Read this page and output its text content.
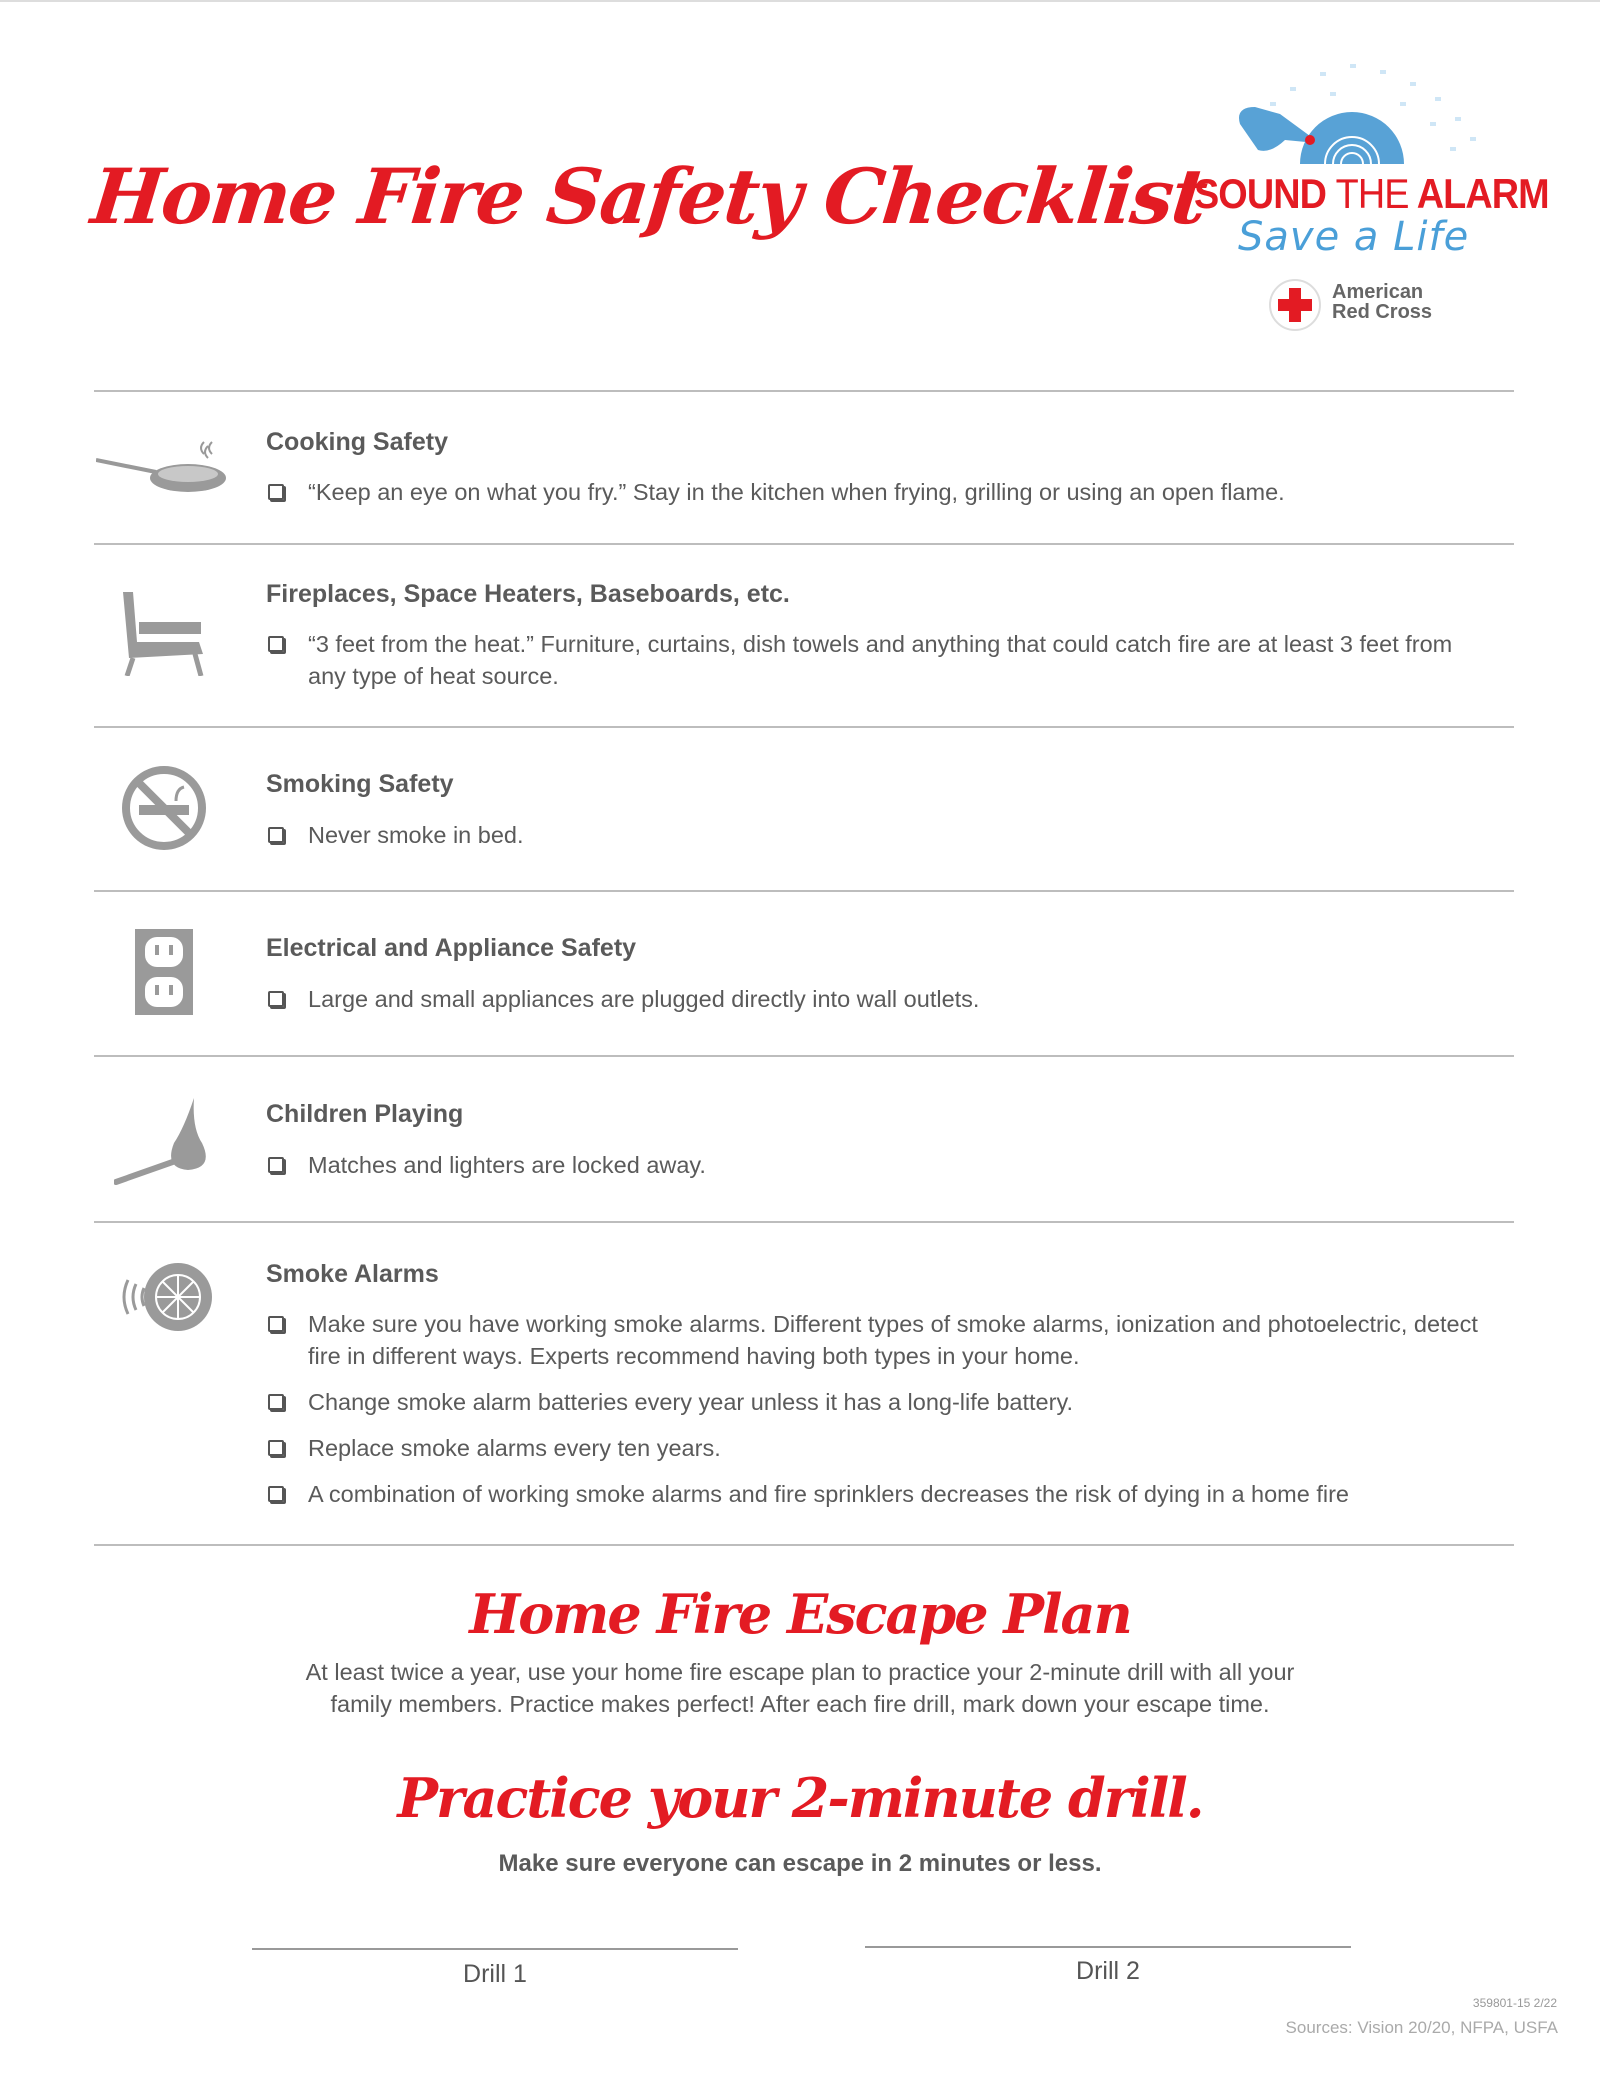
Home Fire Safety Checklist
SOUND THE ALARM
Save a Life
American
Red Cross
Cooking Safety
“Keep an eye on what you fry.” Stay in the kitchen when frying, grilling or using an open flame.
Fireplaces, Space Heaters, Baseboards, etc.
“3 feet from the heat.” Furniture, curtains, dish towels and anything that could catch fire are at least 3 feet from any type of heat source.
Smoking Safety
Never smoke in bed.
Electrical and Appliance Safety
Large and small appliances are plugged directly into wall outlets.
Children Playing
Matches and lighters are locked away.
Smoke Alarms
Make sure you have working smoke alarms. Different types of smoke alarms, ionization and photoelectric, detect fire in different ways. Experts recommend having both types in your home.
Change smoke alarm batteries every year unless it has a long-life battery.
Replace smoke alarms every ten years.
A combination of working smoke alarms and fire sprinklers decreases the risk of dying in a home fire
Home Fire Escape Plan
At least twice a year, use your home fire escape plan to practice your 2-minute drill with all your
family members. Practice makes perfect! After each fire drill, mark down your escape time.
Practice your 2-minute drill.
Make sure everyone can escape in 2 minutes or less.
Drill 1	Drill 2
359801-15 2/22
Sources: Vision 20/20, NFPA, USFA
